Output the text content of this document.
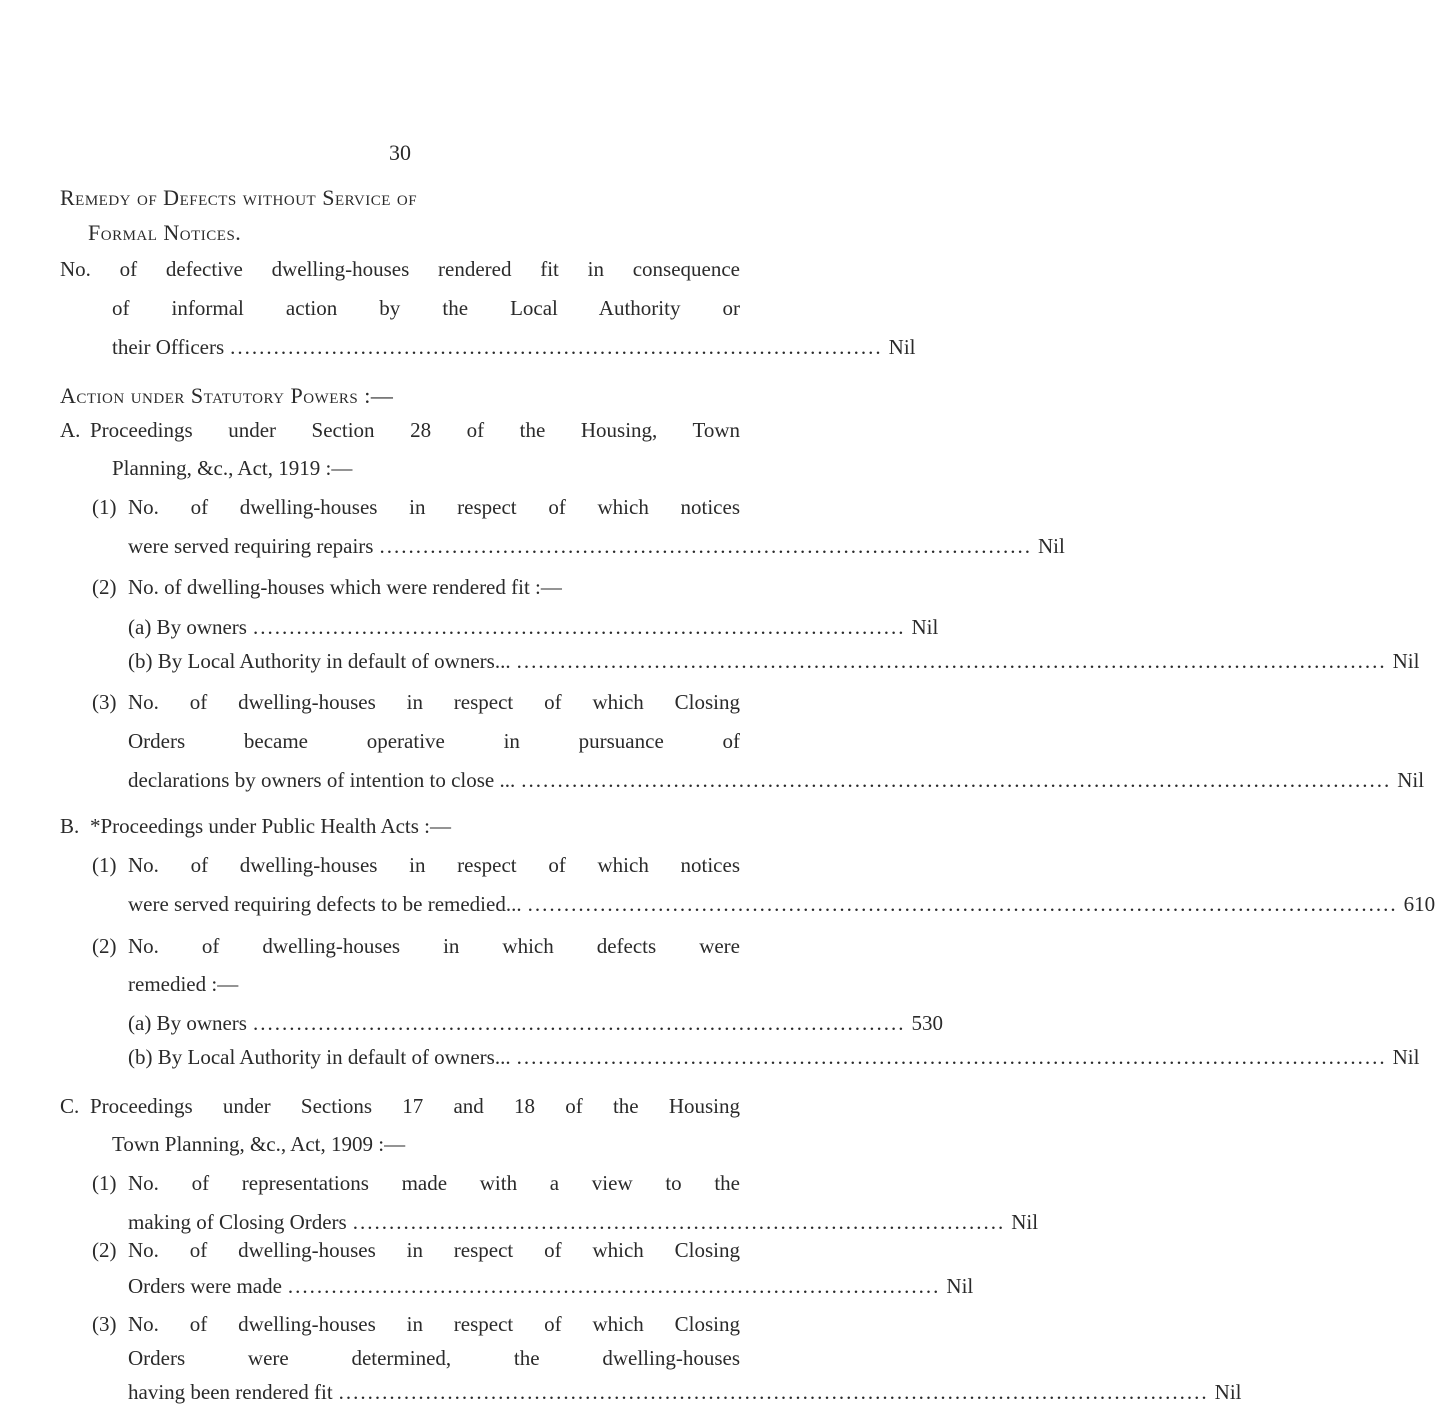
30
Remedy of Defects without Service of
Formal Notices.
No. of defective dwelling-houses rendered fit in consequence
of informal action by the Local Authority or
their Officers .......................................................................................... Nil
Action under Statutory Powers :—
A. Proceedings under Section 28 of the Housing, Town
Planning, &c., Act, 1919 :—
(1) No. of dwelling-houses in respect of which notices
were served requiring repairs .......................................................................................... Nil
(2) No. of dwelling-houses which were rendered fit :—
(a) By owners .......................................................................................... Nil
(b) By Local Authority in default of owners... ........................................................................................................................ Nil
(3) No. of dwelling-houses in respect of which Closing
Orders became operative in pursuance of
declarations by owners of intention to close ... ........................................................................................................................ Nil
B. *Proceedings under Public Health Acts :—
(1) No. of dwelling-houses in respect of which notices
were served requiring defects to be remedied... ........................................................................................................................ 610
(2) No. of dwelling-houses in which defects were
remedied :—
(a) By owners .......................................................................................... 530
(b) By Local Authority in default of owners... ........................................................................................................................ Nil
C. Proceedings under Sections 17 and 18 of the Housing
Town Planning, &c., Act, 1909 :—
(1) No. of representations made with a view to the
making of Closing Orders .......................................................................................... Nil
(2) No. of dwelling-houses in respect of which Closing
Orders were made .......................................................................................... Nil
(3) No. of dwelling-houses in respect of which Closing
Orders were determined, the dwelling-houses
having been rendered fit ........................................................................................................................ Nil
